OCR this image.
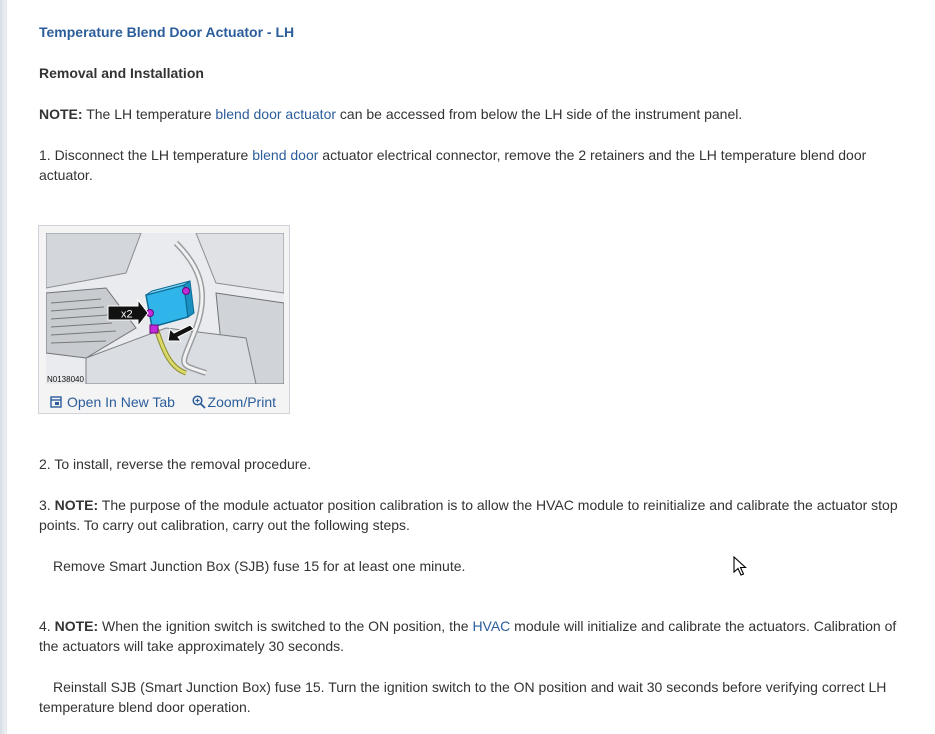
Temperature Blend Door Actuator - LH
Removal and Installation

NOTE: The LH temperature blend door actuator can be accessed from below the LH side of the instrument panel.

1. Disconnect the LH temperature blend door actuator electrical connector, remove the 2 retainers and the LH temperature blend door actuator.

x2
N0138040
Open In New Tab Zoom/Print

2. To install, reverse the removal procedure.

3. NOTE: The purpose of the module actuator position calibration is to allow the HVAC module to reinitialize and calibrate the actuator stop points. To carry out calibration, carry out the following steps.

Remove Smart Junction Box (SJB) fuse 15 for at least one minute.

4. NOTE: When the ignition switch is switched to the ON position, the HVAC module will initialize and calibrate the actuators. Calibration of the actuators will take approximately 30 seconds.

Reinstall SJB (Smart Junction Box) fuse 15. Turn the ignition switch to the ON position and wait 30 seconds before verifying correct LH temperature blend door operation.
